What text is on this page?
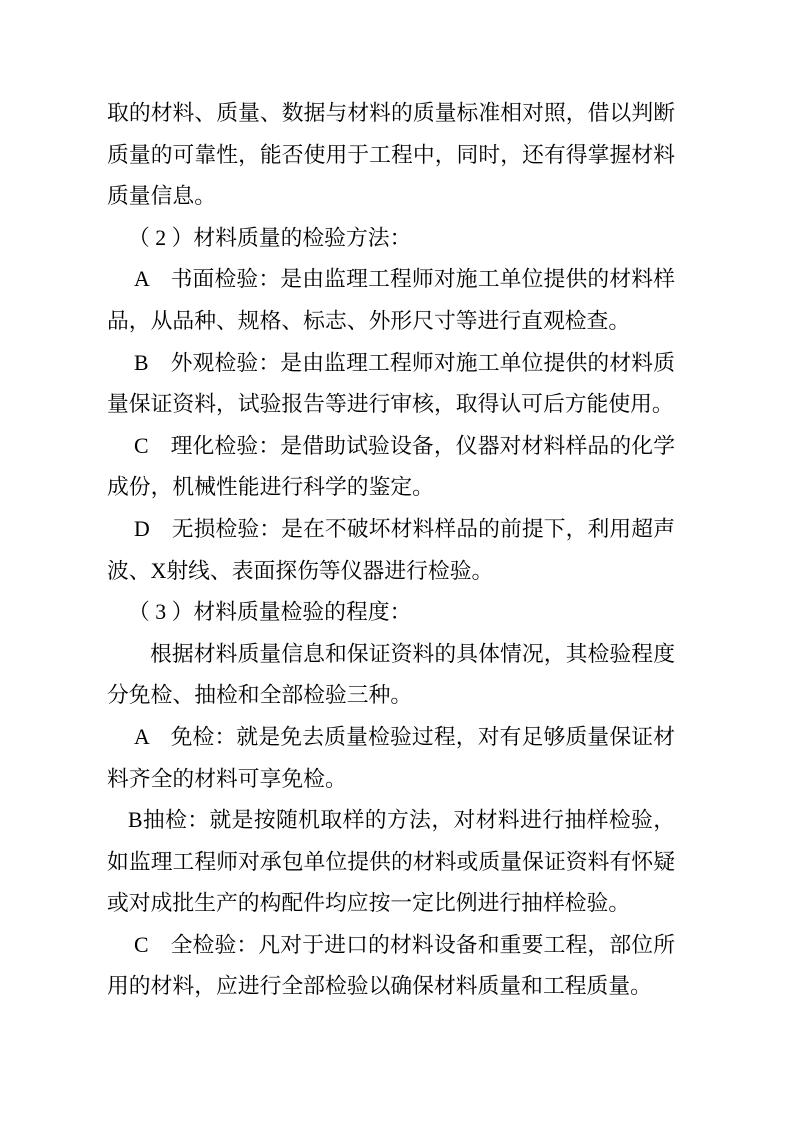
取的材料、质量、数据与材料的质量标准相对照，借以判断质量的可靠性，能否使用于工程中，同时，还有得掌握材料质量信息。

（ 2 ）材料质量的检验方法：

A　书面检验：是由监理工程师对施工单位提供的材料样品，从品种、规格、标志、外形尺寸等进行直观检查。

B　外观检验：是由监理工程师对施工单位提供的材料质量保证资料，试验报告等进行审核，取得认可后方能使用。

C　理化检验：是借助试验设备，仪器对材料样品的化学成份，机械性能进行科学的鉴定。

D　无损检验：是在不破坏材料样品的前提下，利用超声波、X射线、表面探伤等仪器进行检验。

（ 3 ）材料质量检验的程度：

根据材料质量信息和保证资料的具体情况，其检验程度分免检、抽检和全部检验三种。

A　免检：就是免去质量检验过程，对有足够质量保证材料齐全的材料可享免检。

B抽检：就是按随机取样的方法，对材料进行抽样检验，如监理工程师对承包单位提供的材料或质量保证资料有怀疑或对成批生产的构配件均应按一定比例进行抽样检验。

C　全检验：凡对于进口的材料设备和重要工程，部位所用的材料，应进行全部检验以确保材料质量和工程质量。
